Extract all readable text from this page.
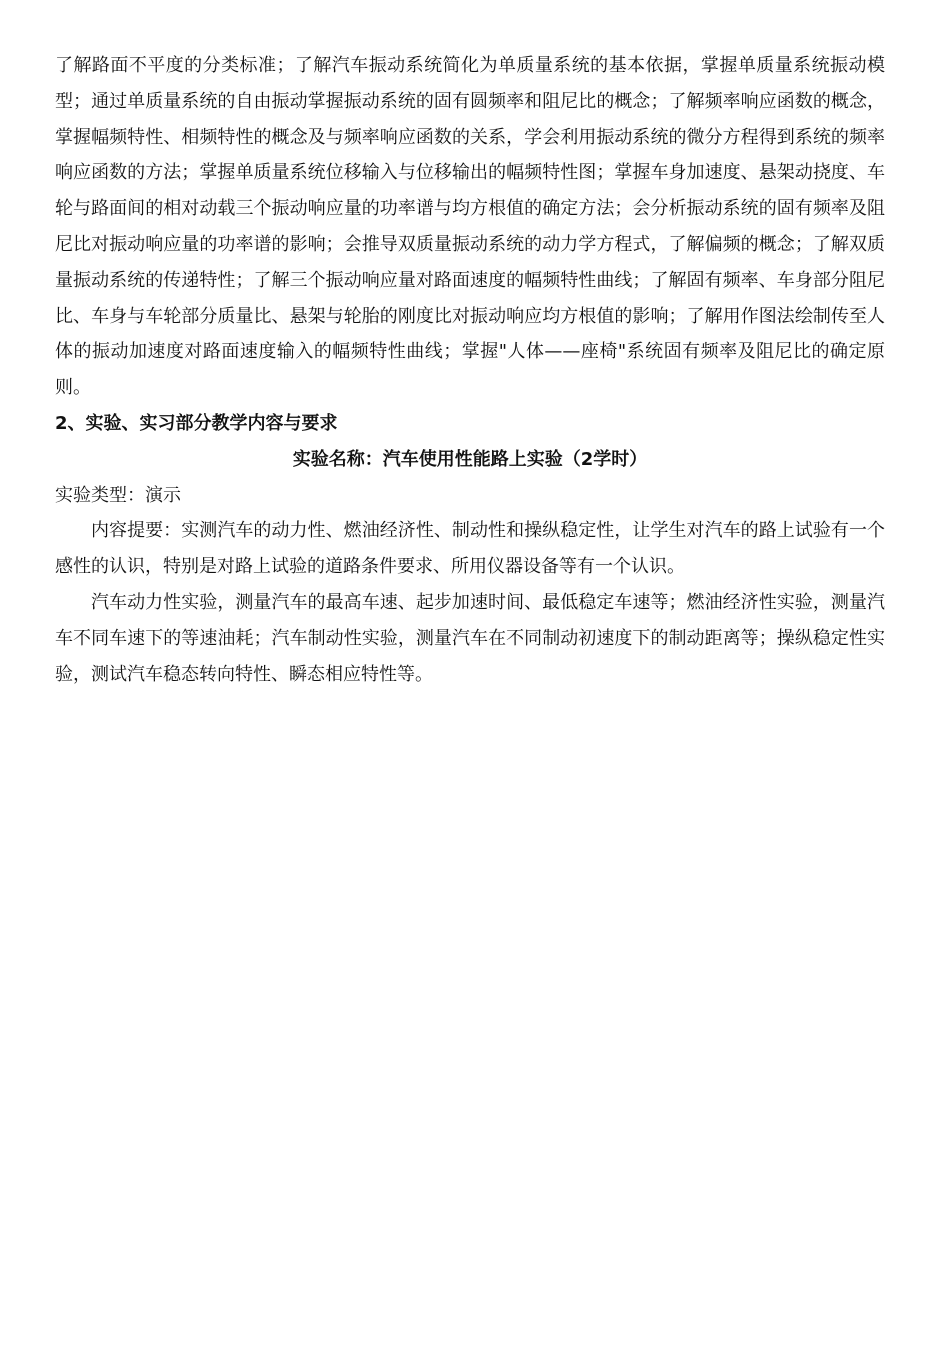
了解路面不平度的分类标准；了解汽车振动系统简化为单质量系统的基本依据，掌握单质量系统振动模型；通过单质量系统的自由振动掌握振动系统的固有圆频率和阻尼比的概念；了解频率响应函数的概念，掌握幅频特性、相频特性的概念及与频率响应函数的关系，学会利用振动系统的微分方程得到系统的频率响应函数的方法；掌握单质量系统位移输入与位移输出的幅频特性图；掌握车身加速度、悬架动挠度、车轮与路面间的相对动载三个振动响应量的功率谱与均方根值的确定方法；会分析振动系统的固有频率及阻尼比对振动响应量的功率谱的影响；会推导双质量振动系统的动力学方程式，了解偏频的概念；了解双质量振动系统的传递特性；了解三个振动响应量对路面速度的幅频特性曲线；了解固有频率、车身部分阻尼比、车身与车轮部分质量比、悬架与轮胎的刚度比对振动响应均方根值的影响；了解用作图法绘制传至人体的振动加速度对路面速度输入的幅频特性曲线；掌握"人体——座椅"系统固有频率及阻尼比的确定原则。

2、实验、实习部分教学内容与要求

实验名称：汽车使用性能路上实验（2学时）

实验类型：演示

内容提要：实测汽车的动力性、燃油经济性、制动性和操纵稳定性，让学生对汽车的路上试验有一个感性的认识，特别是对路上试验的道路条件要求、所用仪器设备等有一个认识。

汽车动力性实验，测量汽车的最高车速、起步加速时间、最低稳定车速等；燃油经济性实验，测量汽车不同车速下的等速油耗；汽车制动性实验，测量汽车在不同制动初速度下的制动距离等；操纵稳定性实验，测试汽车稳态转向特性、瞬态相应特性等。
